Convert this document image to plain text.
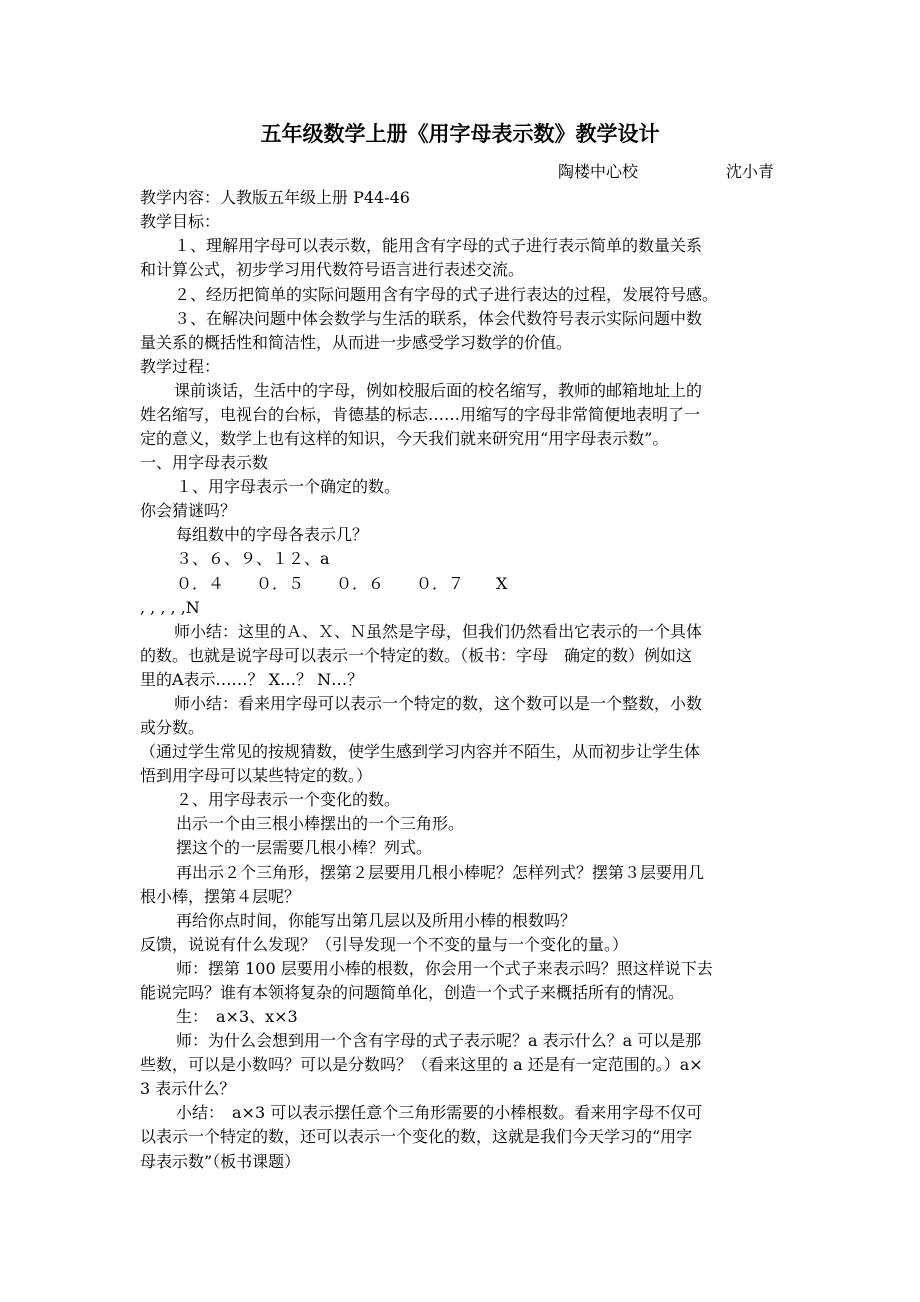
五年级数学上册《用字母表示数》教学设计
陶楼中心校	沈小青
教学内容：人教版五年级上册 P44-46
教学目标：
１、理解用字母可以表示数，能用含有字母的式子进行表示简单的数量关系
和计算公式，初步学习用代数符号语言进行表述交流。
２、经历把简单的实际问题用含有字母的式子进行表达的过程，发展符号感。
３、在解决问题中体会数学与生活的联系，体会代数符号表示实际问题中数
量关系的概括性和简洁性，从而进一步感受学习数学的价值。
教学过程：
课前谈话，生活中的字母，例如校服后面的校名缩写，教师的邮箱地址上的
姓名缩写，电视台的台标，肯德基的标志……用缩写的字母非常简便地表明了一
定的意义，数学上也有这样的知识，今天我们就来研究用“用字母表示数”。
一、用字母表示数
１、用字母表示一个确定的数。
你会猜谜吗？
每组数中的字母各表示几？
３、６、９、１２、a
０．４　　０．５　　０．６　　０．７　　X
, , , , ,N
师小结：这里的Ａ、Ｘ、Ｎ虽然是字母，但我们仍然看出它表示的一个具体
的数。也就是说字母可以表示一个特定的数。（板书：字母　确定的数）例如这
里的A表示……？ X…？ N…？
师小结：看来用字母可以表示一个特定的数，这个数可以是一个整数，小数
或分数。
（通过学生常见的按规猜数，使学生感到学习内容并不陌生，从而初步让学生体
悟到用字母可以某些特定的数。）
２、用字母表示一个变化的数。
出示一个由三根小棒摆出的一个三角形。
摆这个的一层需要几根小棒？列式。
再出示２个三角形，摆第２层要用几根小棒呢？怎样列式？摆第３层要用几
根小棒，摆第４层呢？
再给你点时间，你能写出第几层以及所用小棒的根数吗？
反馈，说说有什么发现？（引导发现一个不变的量与一个变化的量。）
师：摆第 100 层要用小棒的根数，你会用一个式子来表示吗？照这样说下去
能说完吗？谁有本领将复杂的问题简单化，创造一个式子来概括所有的情况。
生：　a×3、x×3
师：为什么会想到用一个含有字母的式子表示呢？a 表示什么？a 可以是那
些数，可以是小数吗？可以是分数吗？（看来这里的 a 还是有一定范围的。）a×
3 表示什么？
小结：　a×3 可以表示摆任意个三角形需要的小棒根数。看来用字母不仅可
以表示一个特定的数，还可以表示一个变化的数，这就是我们今天学习的“用字
母表示数”（板书课题）
